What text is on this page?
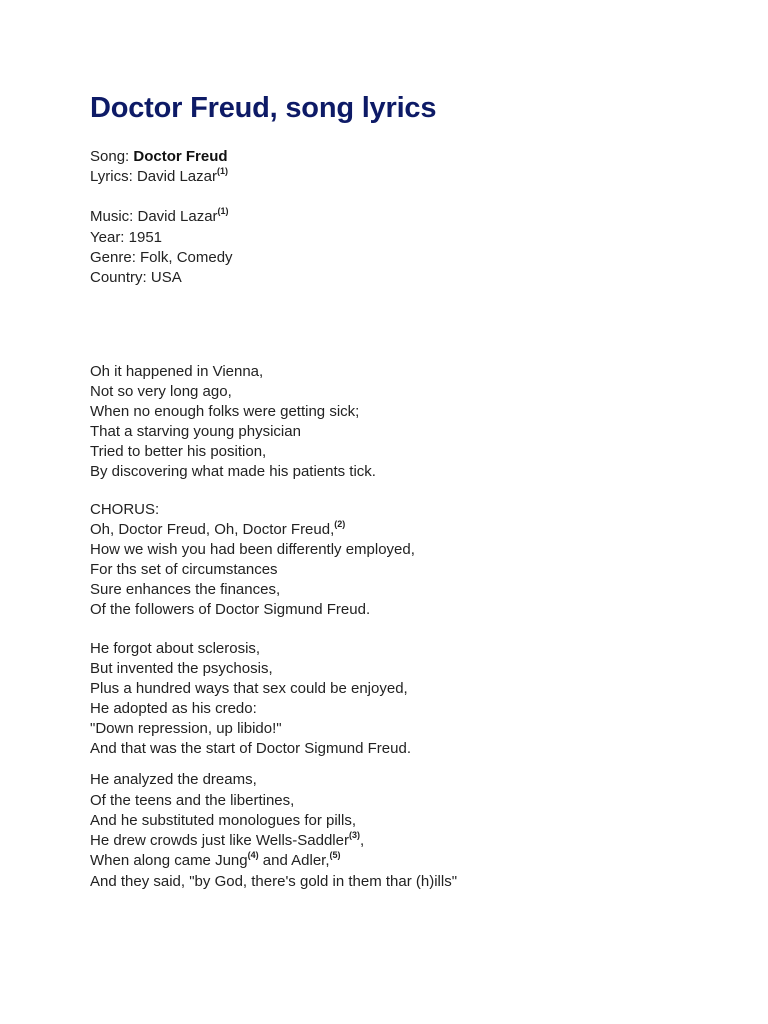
Doctor Freud, song lyrics
Song: Doctor Freud
Lyrics: David Lazar$^{(1)}$
Music: David Lazar$^{(1)}$
Year: 1951
Genre: Folk, Comedy
Country: USA
Oh it happened in Vienna,
Not so very long ago,
When no enough folks were getting sick;
That a starving young physician
Tried to better his position,
By discovering what made his patients tick.
CHORUS:
Oh, Doctor Freud, Oh, Doctor Freud,$^{(2)}$
How we wish you had been differently employed,
For ths set of circumstances
Sure enhances the finances,
Of the followers of Doctor Sigmund Freud.
He forgot about sclerosis,
But invented the psychosis,
Plus a hundred ways that sex could be enjoyed,
He adopted as his credo:
"Down repression, up libido!"
And that was the start of Doctor Sigmund Freud.
He analyzed the dreams,
Of the teens and the libertines,
And he substituted monologues for pills,
He drew crowds just like Wells-Saddler$^{(3)}$,
When along came Jung$^{(4)}$ and Adler,$^{(5)}$
And they said, "by God, there's gold in them thar (h)ills"
